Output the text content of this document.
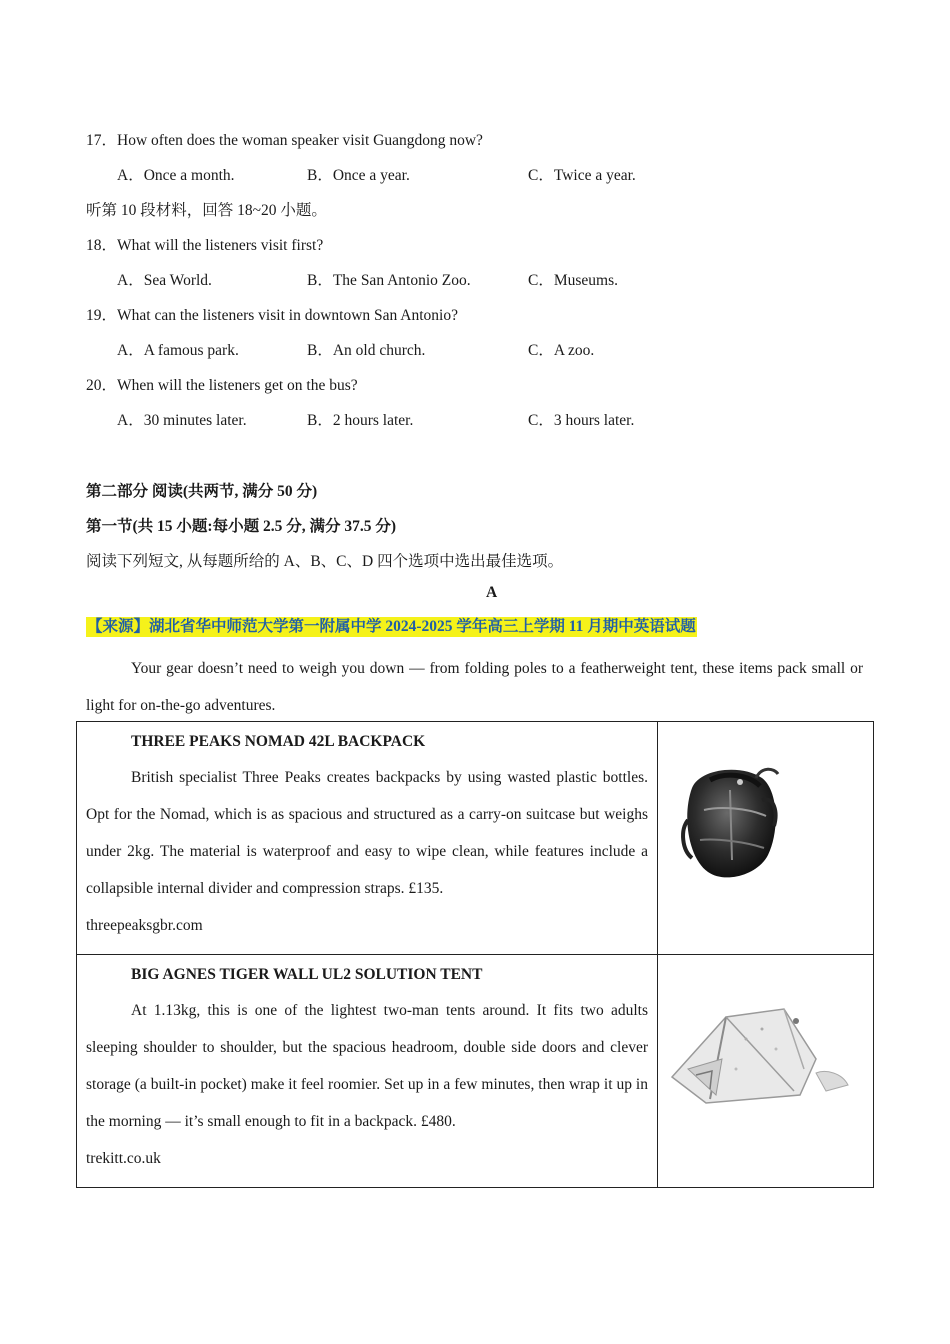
17．How often does the woman speaker visit Guangdong now?
A．Once a month.	B．Once a year.	C．Twice a year.
听第 10 段材料，回答 18~20 小题。
18．What will the listeners visit first?
A．Sea World.	B．The San Antonio Zoo.	C．Museums.
19．What can the listeners visit in downtown San Antonio?
A．A famous park.	B．An old church.	C．A zoo.
20．When will the listeners get on the bus?
A．30 minutes later.	B．2 hours later.	C．3 hours later.
第二部分 阅读(共两节, 满分 50 分)
第一节(共 15 小题:每小题 2.5 分, 满分 37.5 分)
阅读下列短文, 从每题所给的 A、B、C、D 四个选项中选出最佳选项。
A
【来源】湖北省华中师范大学第一附属中学 2024-2025 学年高三上学期 11 月期中英语试题
Your gear doesn’t need to weigh you down — from folding poles to a featherweight tent, these items pack small or light for on-the-go adventures.
THREE PEAKS NOMAD 42L BACKPACK
British specialist Three Peaks creates backpacks by using wasted plastic bottles. Opt for the Nomad, which is as spacious and structured as a carry-on suitcase but weighs under 2kg. The material is waterproof and easy to wipe clean, while features include a collapsible internal divider and compression straps. £135.
threepeaksgbr.com

BIG AGNES TIGER WALL UL2 SOLUTION TENT
At 1.13kg, this is one of the lightest two-man tents around. It fits two adults sleeping shoulder to shoulder, but the spacious headroom, double side doors and clever storage (a built-in pocket) make it feel roomier. Set up in a few minutes, then wrap it up in the morning — it’s small enough to fit in a backpack. £480.
trekitt.co.uk
